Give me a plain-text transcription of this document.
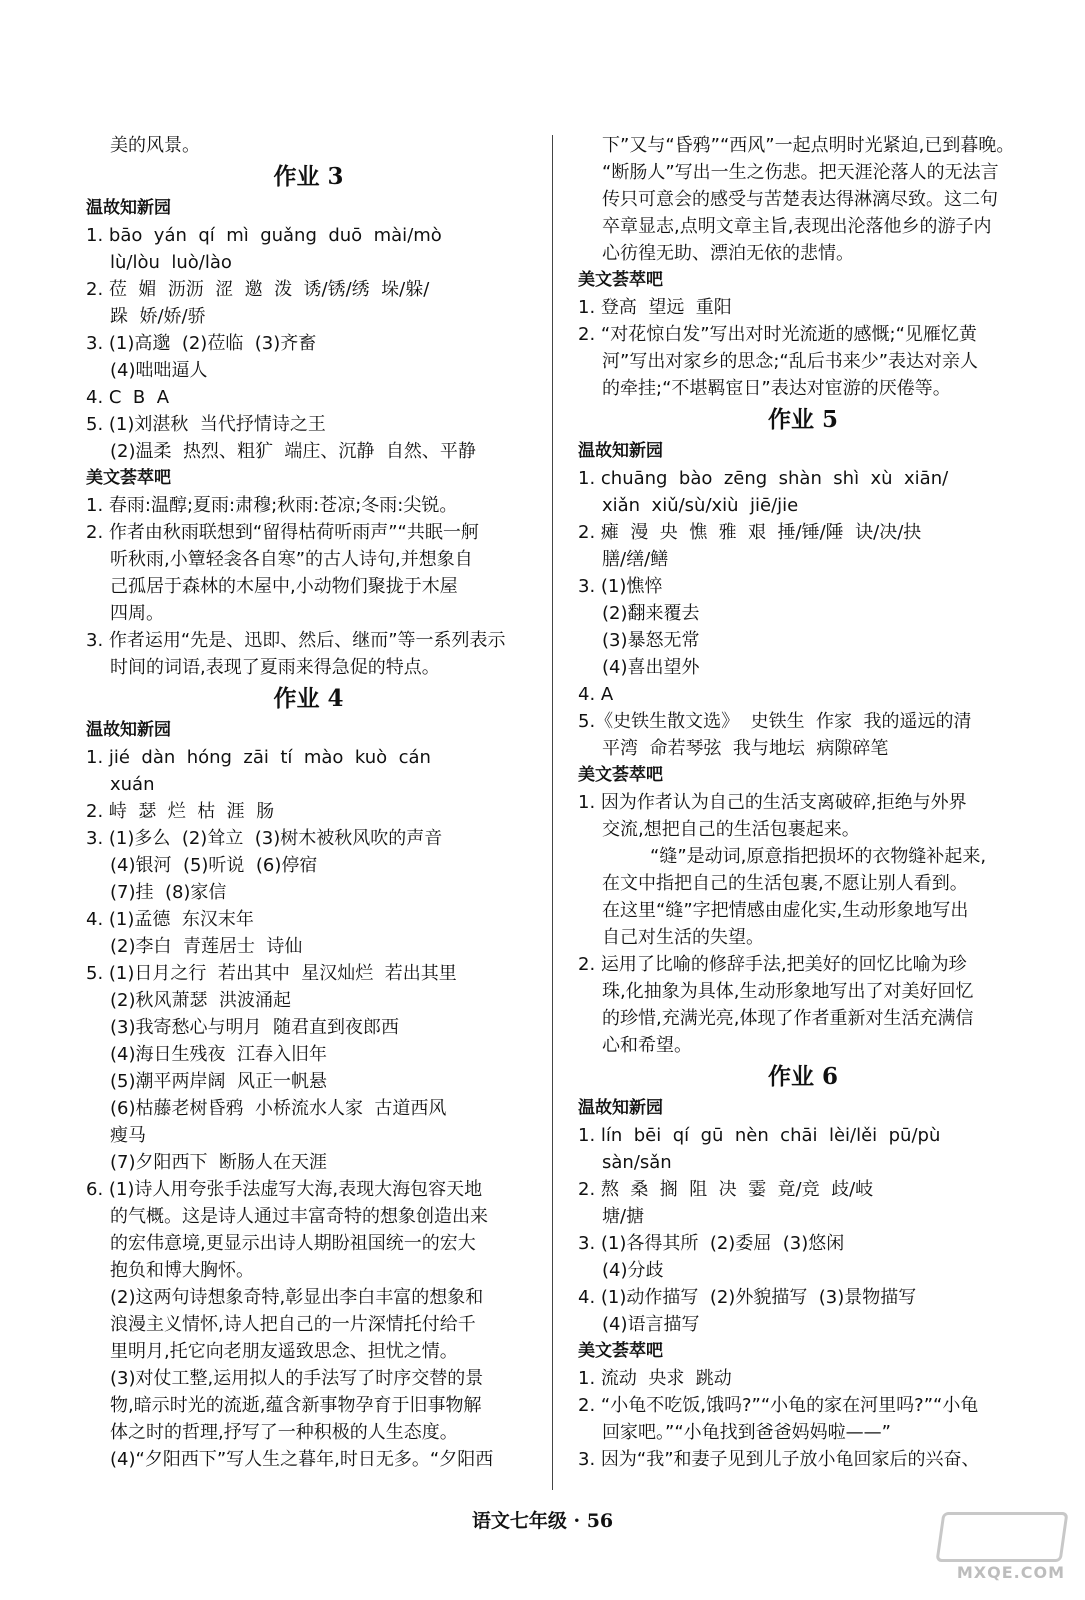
美的风景。
作业 3
温故知新园
1. bāo  yán  qí  mì  guǎng  duō  mài/mò
lù/lòu  luò/lào
2. 莅  媚  沥沥  涩  邀  泼  诱/锈/绣  垛/躲/
跺  娇/娇/骄
3. (1)高邈  (2)莅临  (3)齐畜
(4)咄咄逼人
4. C  B  A
5. (1)刘湛秋  当代抒情诗之王
(2)温柔  热烈、粗犷  端庄、沉静  自然、平静
美文荟萃吧
1. 春雨:温醇;夏雨:肃穆;秋雨:苍凉;冬雨:尖锐。
2. 作者由秋雨联想到“留得枯荷听雨声”“共眠一舸
听秋雨,小簟轻衾各自寒”的古人诗句,并想象自
己孤居于森林的木屋中,小动物们聚拢于木屋
四周。
3. 作者运用“先是、迅即、然后、继而”等一系列表示
时间的词语,表现了夏雨来得急促的特点。
作业 4
温故知新园
1. jié  dàn  hóng  zāi  tí  mào  kuò  cán
xuán
2. 峙  瑟  烂  枯  涯  肠
3. (1)多么  (2)耸立  (3)树木被秋风吹的声音
(4)银河  (5)听说  (6)停宿
(7)挂  (8)家信
4. (1)孟德  东汉末年
(2)李白  青莲居士  诗仙
5. (1)日月之行  若出其中  星汉灿烂  若出其里
(2)秋风萧瑟  洪波涌起
(3)我寄愁心与明月  随君直到夜郎西
(4)海日生残夜  江春入旧年
(5)潮平两岸阔  风正一帆悬
(6)枯藤老树昏鸦  小桥流水人家  古道西风
瘦马
(7)夕阳西下  断肠人在天涯
6. (1)诗人用夸张手法虚写大海,表现大海包容天地
的气概。这是诗人通过丰富奇特的想象创造出来
的宏伟意境,更显示出诗人期盼祖国统一的宏大
抱负和博大胸怀。
(2)这两句诗想象奇特,彰显出李白丰富的想象和
浪漫主义情怀,诗人把自己的一片深情托付给千
里明月,托它向老朋友遥致思念、担忧之情。
(3)对仗工整,运用拟人的手法写了时序交替的景
物,暗示时光的流逝,蕴含新事物孕育于旧事物解
体之时的哲理,抒写了一种积极的人生态度。
(4)“夕阳西下”写人生之暮年,时日无多。“夕阳西
下”又与“昏鸦”“西风”一起点明时光紧迫,已到暮晚。
“断肠人”写出一生之伤悲。把天涯沦落人的无法言
传只可意会的感受与苦楚表达得淋漓尽致。这二句
卒章显志,点明文章主旨,表现出沦落他乡的游子内
心彷徨无助、漂泊无依的悲情。
美文荟萃吧
1. 登高  望远  重阳
2. “对花惊白发”写出对时光流逝的感慨;“见雁忆黄
河”写出对家乡的思念;“乱后书来少”表达对亲人
的牵挂;“不堪羁宦日”表达对宦游的厌倦等。
作业 5
温故知新园
1. chuāng  bào  zēng  shàn  shì  xù  xiān/
xiǎn  xiǔ/sù/xiù  jiē/jie
2. 瘫  漫  央  憔  雅  艰  捶/锤/陲  诀/决/抉
膳/缮/鳝
3. (1)憔悴
(2)翻来覆去
(3)暴怒无常
(4)喜出望外
4. A
5.《史铁生散文选》  史铁生  作家  我的遥远的清
平湾  命若琴弦  我与地坛  病隙碎笔
美文荟萃吧
1. 因为作者认为自己的生活支离破碎,拒绝与外界
交流,想把自己的生活包裹起来。
“缝”是动词,原意指把损坏的衣物缝补起来,
在文中指把自己的生活包裹,不愿让别人看到。
在这里“缝”字把情感由虚化实,生动形象地写出
自己对生活的失望。
2. 运用了比喻的修辞手法,把美好的回忆比喻为珍
珠,化抽象为具体,生动形象地写出了对美好回忆
的珍惜,充满光亮,体现了作者重新对生活充满信
心和希望。
作业 6
温故知新园
1. lín  bēi  qí  gū  nèn  chāi  lèi/lěi  pū/pù
sàn/sǎn
2. 熬  桑  搁  阻  决  霎  竟/竞  歧/岐
塘/搪
3. (1)各得其所  (2)委屈  (3)悠闲
(4)分歧
4. (1)动作描写  (2)外貌描写  (3)景物描写
(4)语言描写
美文荟萃吧
1. 流动  央求  跳动
2. “小龟不吃饭,饿吗?”“小龟的家在河里吗?”“小龟
回家吧。”“小龟找到爸爸妈妈啦——”
3. 因为“我”和妻子见到儿子放小龟回家后的兴奋、
语文七年级 · 56
MXQE.COM
